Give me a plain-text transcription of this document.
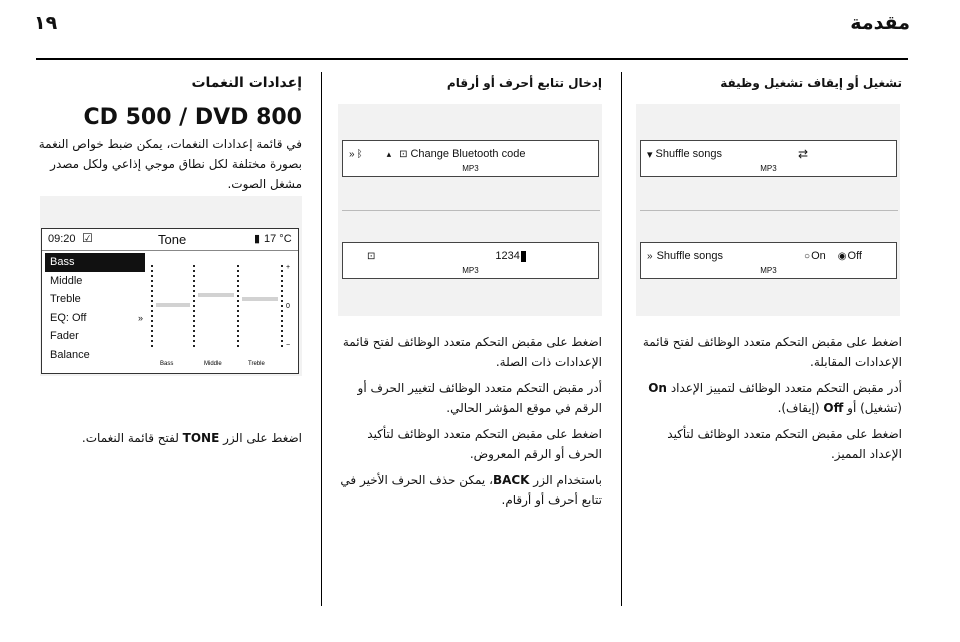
مقدمة
١٩
تشغيل أو إيقاف تشغيل وظيفة
▾ Shuffle songs	⇄
MP3
» Shuffle songs	○ On ◉ Off
MP3

اضغط على مقبض التحكم متعدد الوظائف لفتح قائمة الإعدادات المقابلة.

أدر مقبض التحكم متعدد الوظائف لتمييز الإعداد On (تشغيل) أو Off (إيقاف).

اضغط على مقبض التحكم متعدد الوظائف لتأكيد الإعداد المميز.

إدخال تتابع أحرف أو أرقام
» ᛒ	▴ ⊡ Change Bluetooth code
MP3
⊡	1234
MP3

اضغط على مقبض التحكم متعدد الوظائف لفتح قائمة الإعدادات ذات الصلة.

أدر مقبض التحكم متعدد الوظائف لتغيير الحرف أو الرقم في موقع المؤشر الحالي.

اضغط على مقبض التحكم متعدد الوظائف لتأكيد الحرف أو الرقم المعروض.

باستخدام الزر BACK، يمكن حذف الحرف الأخير في تتابع أحرف أو أرقام.

إعدادات النغمات
CD 500 / DVD 800

في قائمة إعدادات النغمات، يمكن ضبط خواص النغمة بصورة مختلفة لكل نطاق موجي إذاعي ولكل مصدر مشغل الصوت.

09:20 ☑	Tone	▮ 17 °C
Bass
Middle
Treble
EQ: Off	»
Fader
Balance
Bass	Middle	Treble
+
0
−

اضغط على الزر TONE لفتح قائمة النغمات.
